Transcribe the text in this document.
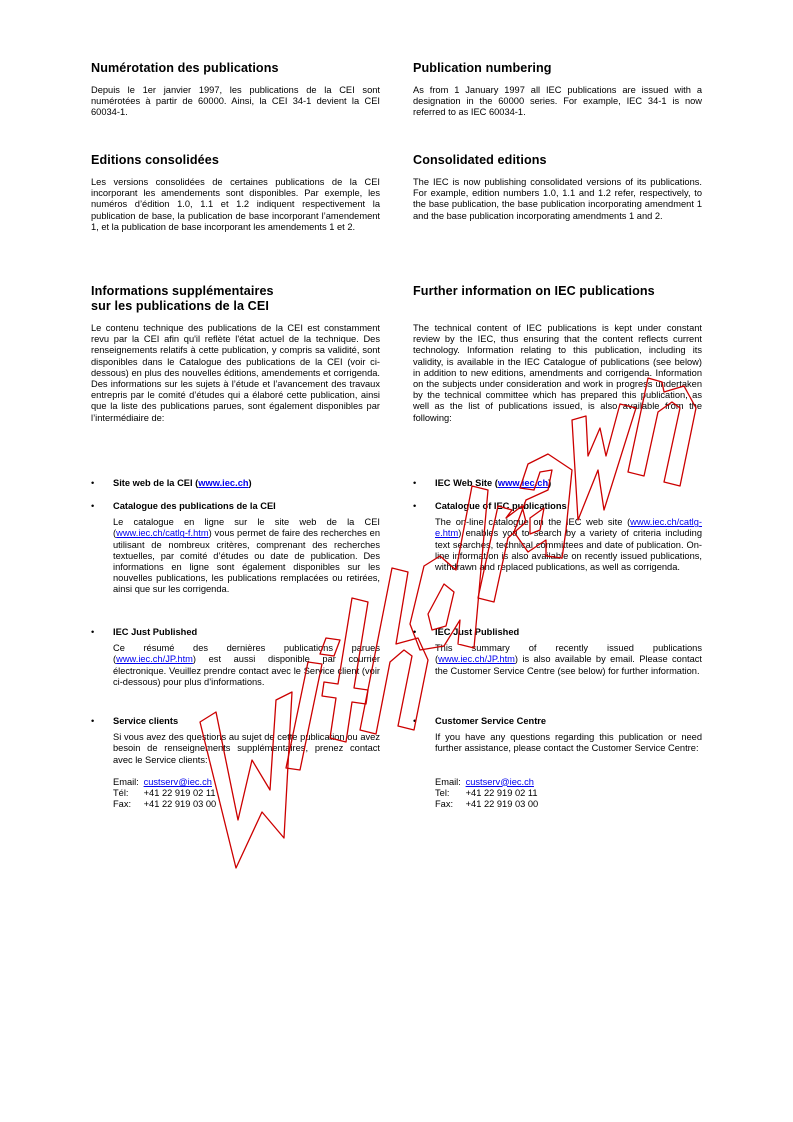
Numérotation des publications

Depuis le 1er janvier 1997, les publications de la CEI sont numérotées à partir de 60000. Ainsi, la CEI 34-1 devient la CEI 60034-1.

Editions consolidées

Les versions consolidées de certaines publications de la CEI incorporant les amendements sont disponibles. Par exemple, les numéros d’édition 1.0, 1.1 et 1.2 indiquent respectivement la publication de base, la publication de base incorporant l’amendement 1, et la publication de base incorporant les amendements 1 et 2.

Informations supplémentaires
sur les publications de la CEI

Le contenu technique des publications de la CEI est constamment revu par la CEI afin qu'il reflète l'état actuel de la technique. Des renseignements relatifs à cette publication, y compris sa validité, sont disponibles dans le Catalogue des publications de la CEI (voir ci-dessous) en plus des nouvelles éditions, amendements et corrigenda. Des informations sur les sujets à l’étude et l’avancement des travaux entrepris par le comité d’études qui a élaboré cette publication, ainsi que la liste des publications parues, sont également disponibles par l’intermédiaire de:

• Site web de la CEI (www.iec.ch)
• Catalogue des publications de la CEI
Le catalogue en ligne sur le site web de la CEI (www.iec.ch/catlg-f.htm) vous permet de faire des recherches en utilisant de nombreux critères, comprenant des recherches textuelles, par comité d’études ou date de publication. Des informations en ligne sont également disponibles sur les nouvelles publications, les publications remplacées ou retirées, ainsi que sur les corrigenda.
• IEC Just Published
Ce résumé des dernières publications parues (www.iec.ch/JP.htm) est aussi disponible par courrier électronique. Veuillez prendre contact avec le Service client (voir ci-dessous) pour plus d’informations.
• Service clients
Si vous avez des questions au sujet de cette publication ou avez besoin de renseignements supplémentaires, prenez contact avec le Service clients:
Email: custserv@iec.ch
Tél: +41 22 919 02 11
Fax: +41 22 919 03 00
Publication numbering

As from 1 January 1997 all IEC publications are issued with a designation in the 60000 series. For example, IEC 34-1 is now referred to as IEC 60034-1.

Consolidated editions

The IEC is now publishing consolidated versions of its publications. For example, edition numbers 1.0, 1.1 and 1.2 refer, respectively, to the base publication, the base publication incorporating amendment 1 and the base publication incorporating amendments 1 and 2.

Further information on IEC publications

The technical content of IEC publications is kept under constant review by the IEC, thus ensuring that the content reflects current technology. Information relating to this publication, including its validity, is available in the IEC Catalogue of publications (see below) in addition to new editions, amendments and corrigenda. Information on the subjects under consideration and work in progress undertaken by the technical committee which has prepared this publication, as well as the list of publications issued, is also available from the following:

• IEC Web Site (www.iec.ch)
• Catalogue of IEC publications
The on-line catalogue on the IEC web site (www.iec.ch/catlg-e.htm) enables you to search by a variety of criteria including text searches, technical committees and date of publication. On-line information is also available on recently issued publications, withdrawn and replaced publications, as well as corrigenda.
• IEC Just Published
This summary of recently issued publications (www.iec.ch/JP.htm) is also available by email. Please contact the Customer Service Centre (see below) for further information.
• Customer Service Centre
If you have any questions regarding this publication or need further assistance, please contact the Customer Service Centre:
Email: custserv@iec.ch
Tel: +41 22 919 02 11
Fax: +41 22 919 03 00
